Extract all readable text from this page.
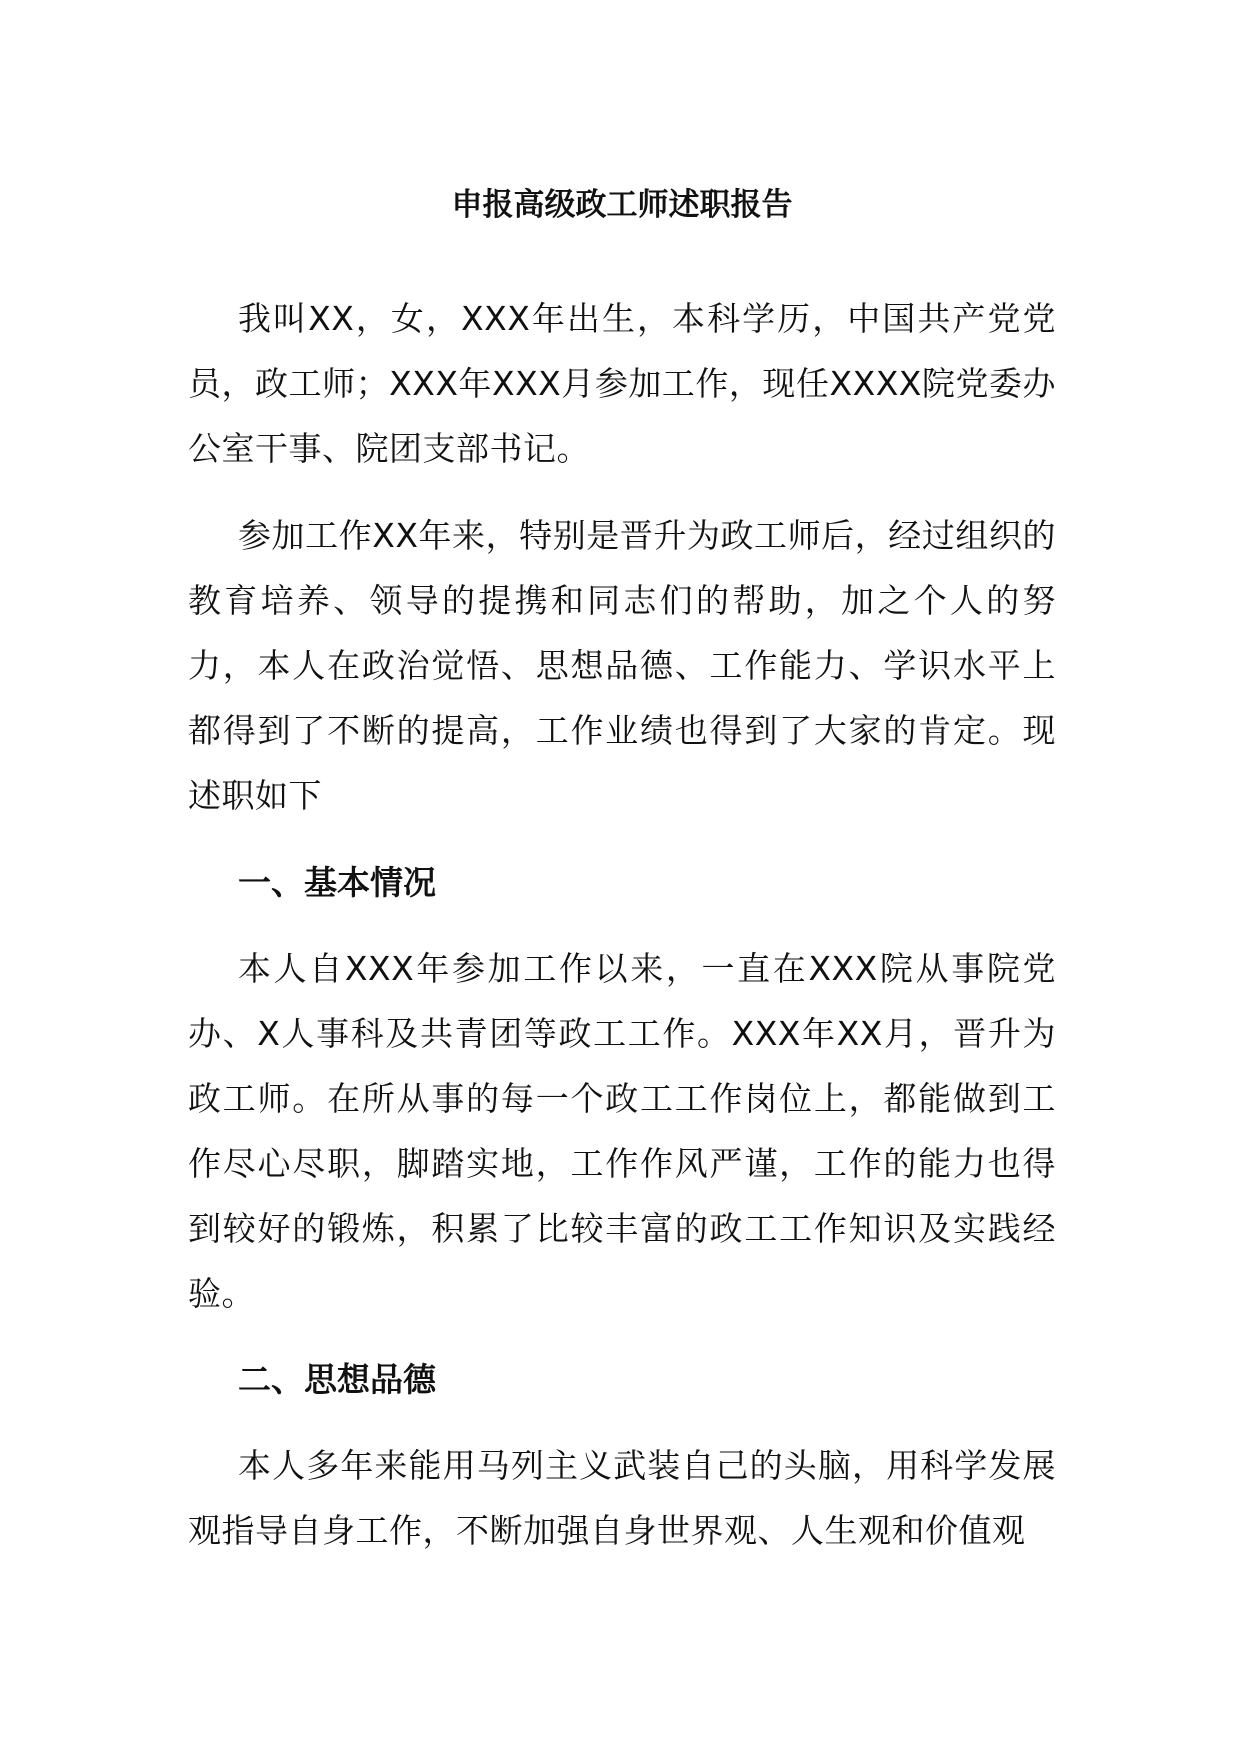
申报高级政工师述职报告

我叫XX，女，XXX年出生，本科学历，中国共产党党员，政工师；XXX年XXX月参加工作，现任XXXX院党委办公室干事、院团支部书记。

参加工作XX年来，特别是晋升为政工师后，经过组织的教育培养、领导的提携和同志们的帮助，加之个人的努力，本人在政治觉悟、思想品德、工作能力、学识水平上都得到了不断的提高，工作业绩也得到了大家的肯定。现述职如下

一、基本情况

本人自XXX年参加工作以来，一直在XXX院从事院党办、X人事科及共青团等政工工作。XXX年XX月，晋升为政工师。在所从事的每一个政工工作岗位上，都能做到工作尽心尽职，脚踏实地，工作作风严谨，工作的能力也得到较好的锻炼，积累了比较丰富的政工工作知识及实践经验。

二、思想品德

本人多年来能用马列主义武装自己的头脑，用科学发展观指导自身工作，不断加强自身世界观、人生观和价值观
